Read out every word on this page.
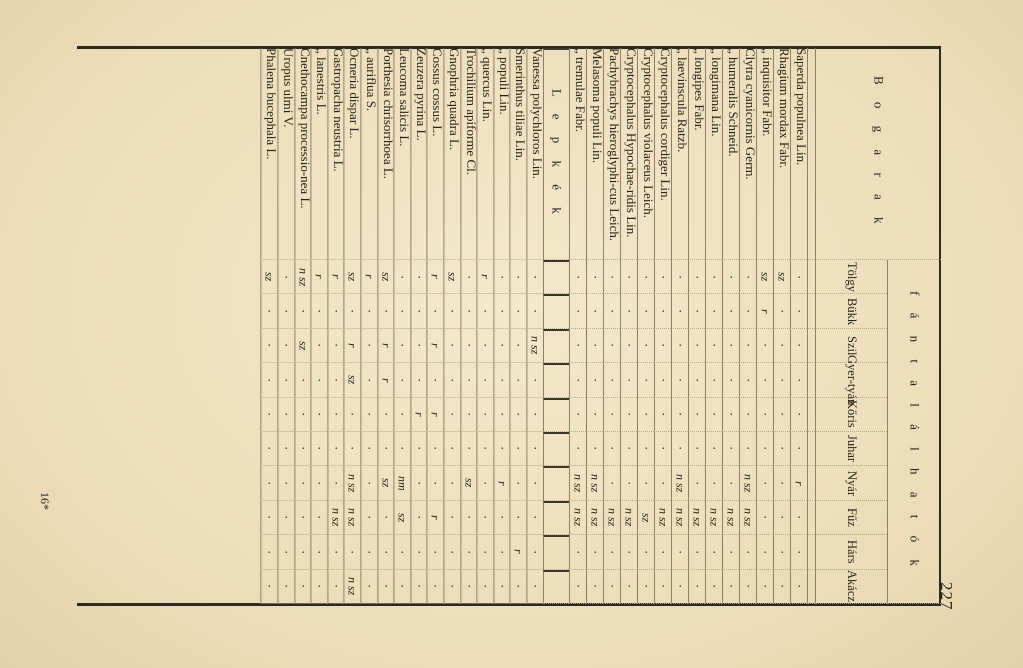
227
16*
B o g a r a k
f á n t a l á l h a t ó k
Tölgy
Bükk
Szil
Gyer-tyán
Kőris
Juhar
Nyár
Fűz
Hárs
Akácz
Saperda populnea Lin.
·
·
·
·
·
·
r
·
·
·
Rhagium mordax Fabr.
sz
·
·
·
·
·
·
·
·
·
„ inquisitor Fabr.
sz
r
·
·
·
·
·
·
·
·
Clytra cyanicornis Germ.
·
·
·
·
·
·
n sz
n sz
·
·
„ humeralis Schneid.
·
·
·
·
·
·
·
n sz
·
·
„ longimana Lin.
·
·
·
·
·
·
·
n sz
·
·
„ longipes Fabr.
·
·
·
·
·
·
·
n sz
·
·
„ laevinscula Ratzb.
·
·
·
·
·
·
n sz
n sz
·
·
Cryptocephalus cordiger Lin.
·
·
·
·
·
·
·
n sz
·
·
Cryptocephalus violaceus Leich.
·
·
·
·
·
·
·
sz
·
·
Cryptocephalus Hypochae-ridis Lin.
·
·
·
·
·
·
·
n sz
·
·
Pachybrachys hieroglyphi-cus Leich.
·
·
·
·
·
·
·
n sz
·
·
Melasoma populi Lin.
·
·
·
·
·
·
n sz
n sz
·
·
„ tremulae Fabr.
·
·
·
·
·
·
n sz
n sz
·
·
L e p k é k
Vanessa polychloros Lin.
·
·
n sz
·
·
·
·
·
·
·
Smerinthus tiliae Lin.
·
·
·
·
·
·
·
·
r
·
„ populi Lin.
·
·
·
·
·
·
r
·
·
·
„ quercus Lin.
r
·
·
·
·
·
·
·
·
·
Trochilium apiforme Cl.
·
·
·
·
·
·
sz
·
·
·
Gnophria quadra L.
sz
·
·
·
·
·
·
·
·
·
Cossus cossus L.
r
·
r
·
r
·
·
r
·
·
Zeuzera pyrina L.
·
·
·
·
r
·
·
·
·
·
Leucoma salicis L.
·
·
·
·
·
·
nm
sz
·
·
Porthesia chrisorrhoea L.
sz
·
r
r
·
·
sz
·
·
·
„ auriflua S.
r
·
·
·
·
·
·
·
·
·
Ocneria dispar L.
sz
·
r
sz
·
·
n sz
n sz
·
n sz
Gastropacha neustria L.
r
·
·
·
·
·
·
n sz
·
·
„ lanestris L.
r
·
·
·
·
·
·
·
·
·
Cnethocampa processio-nea L.
n sz
·
sz
·
·
·
·
·
·
·
Uropus ulmi V.
·
·
·
·
·
·
·
·
·
·
Phalena bucephala L.
sz
·
·
·
·
·
·
·
·
·
